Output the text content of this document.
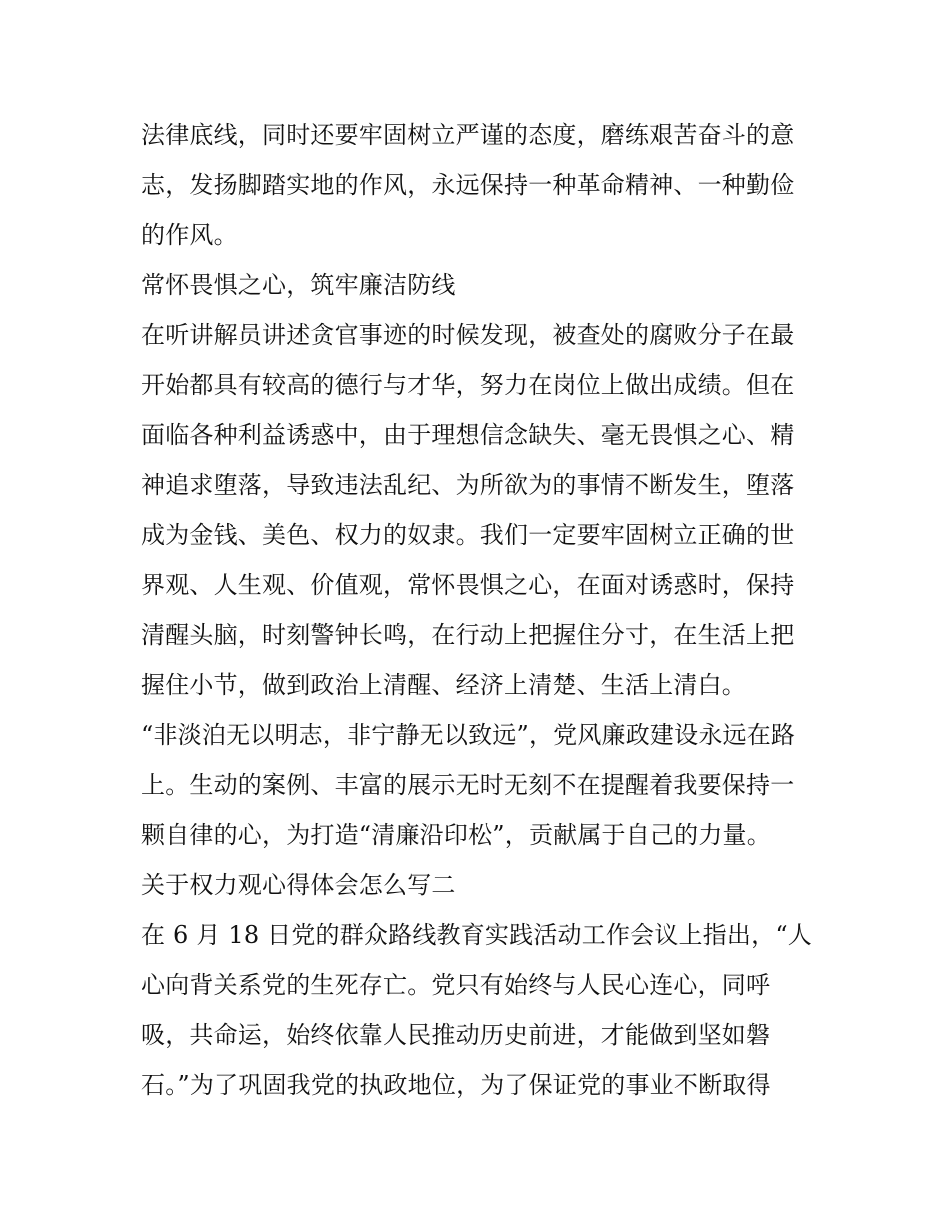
法律底线，同时还要牢固树立严谨的态度，磨练艰苦奋斗的意
志，发扬脚踏实地的作风，永远保持一种革命精神、一种勤俭
的作风。
常怀畏惧之心，筑牢廉洁防线
在听讲解员讲述贪官事迹的时候发现，被查处的腐败分子在最
开始都具有较高的德行与才华，努力在岗位上做出成绩。但在
面临各种利益诱惑中，由于理想信念缺失、毫无畏惧之心、精
神追求堕落，导致违法乱纪、为所欲为的事情不断发生，堕落
成为金钱、美色、权力的奴隶。我们一定要牢固树立正确的世
界观、人生观、价值观，常怀畏惧之心，在面对诱惑时，保持
清醒头脑，时刻警钟长鸣，在行动上把握住分寸，在生活上把
握住小节，做到政治上清醒、经济上清楚、生活上清白。
“非淡泊无以明志，非宁静无以致远”，党风廉政建设永远在路
上。生动的案例、丰富的展示无时无刻不在提醒着我要保持一
颗自律的心，为打造“清廉沿印松”，贡献属于自己的力量。
关于权力观心得体会怎么写二
在 6 月 18 日党的群众路线教育实践活动工作会议上指出，“人
心向背关系党的生死存亡。党只有始终与人民心连心，同呼
吸，共命运，始终依靠人民推动历史前进，才能做到坚如磐
石。”为了巩固我党的执政地位，为了保证党的事业不断取得
